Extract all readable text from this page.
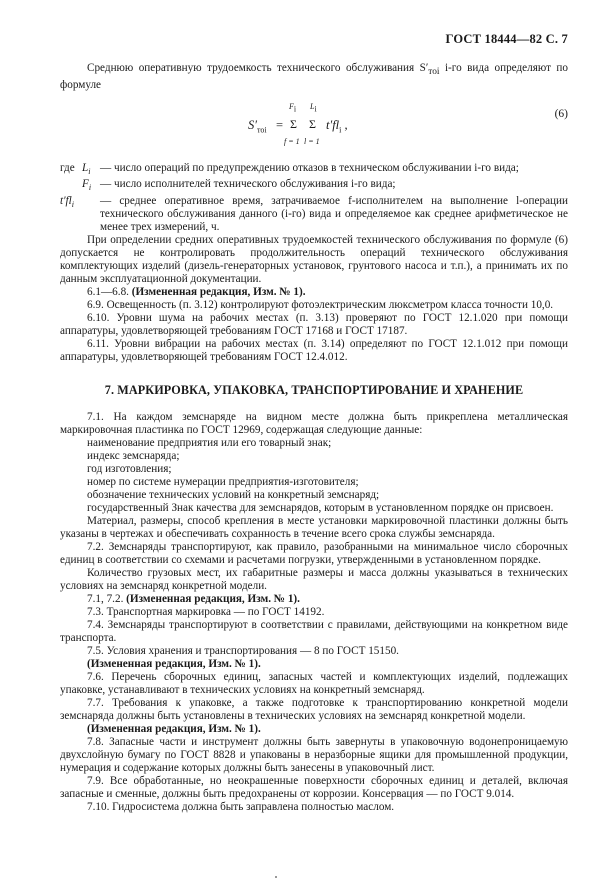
ГОСТ 18444—82 С. 7

Среднюю оперативную трудоемкость технического обслуживания $S'_{тоi}$ i-го вида определяют по формуле

$F_i$ $L_i$
$S'_{тоi} = \Sigma$ Σ $t'fl_i$ ,
f = 1 l = 1
(6)
где $L_i$ — число операций по предупреждению отказов в техническом обслуживании i-го вида;
$F_i$ — число исполнителей технического обслуживания i-го вида;
$t'fl_i$	— среднее оперативное время, затрачиваемое f-исполнителем на выполнение l-операции технического обслуживания данного (i-го) вида и определяемое как среднее арифметическое не менее трех измерений, ч.

При определении средних оперативных трудоемкостей технического обслуживания по формуле (6) допускается не контролировать продолжительность операций технического обслуживания комплектующих изделий (дизель-генераторных установок, грунтового насоса и т.п.), а принимать их по данным эксплуатационной документации.

6.1—6.8. (Измененная редакция, Изм. № 1).

6.9. Освещенность (п. 3.12) контролируют фотоэлектрическим люксметром класса точности 10,0.

6.10. Уровни шума на рабочих местах (п. 3.13) проверяют по ГОСТ 12.1.020 при помощи аппаратуры, удовлетворяющей требованиям ГОСТ 17168 и ГОСТ 17187.

6.11. Уровни вибрации на рабочих местах (п. 3.14) определяют по ГОСТ 12.1.012 при помощи аппаратуры, удовлетворяющей требованиям ГОСТ 12.4.012.

7. МАРКИРОВКА, УПАКОВКА, ТРАНСПОРТИРОВАНИЕ И ХРАНЕНИЕ

7.1. На каждом земснаряде на видном месте должна быть прикреплена металлическая маркировочная пластинка по ГОСТ 12969, содержащая следующие данные:

наименование предприятия или его товарный знак;

индекс земснаряда;

год изготовления;

номер по системе нумерации предприятия-изготовителя;

обозначение технических условий на конкретный земснаряд;

государственный Знак качества для земснарядов, которым в установленном порядке он присвоен.

Материал, размеры, способ крепления в месте установки маркировочной пластинки должны быть указаны в чертежах и обеспечивать сохранность в течение всего срока службы земснаряда.

7.2. Земснаряды транспортируют, как правило, разобранными на минимальное число сборочных единиц в соответствии со схемами и расчетами погрузки, утвержденными в установленном порядке.

Количество грузовых мест, их габаритные размеры и масса должны указываться в технических условиях на земснаряд конкретной модели.

7.1, 7.2. (Измененная редакция, Изм. № 1).

7.3. Транспортная маркировка — по ГОСТ 14192.

7.4. Земснаряды транспортируют в соответствии с правилами, действующими на конкретном виде транспорта.

7.5. Условия хранения и транспортирования — 8 по ГОСТ 15150.

(Измененная редакция, Изм. № 1).

7.6. Перечень сборочных единиц, запасных частей и комплектующих изделий, подлежащих упаковке, устанавливают в технических условиях на конкретный земснаряд.

7.7. Требования к упаковке, а также подготовке к транспортированию конкретной модели земснаряда должны быть установлены в технических условиях на земснаряд конкретной модели.

(Измененная редакция, Изм. № 1).

7.8. Запасные части и инструмент должны быть завернуты в упаковочную водонепроницаемую двухслойную бумагу по ГОСТ 8828 и упакованы в неразборные ящики для промышленной продукции, нумерация и содержание которых должны быть занесены в упаковочный лист.

7.9. Все обработанные, но неокрашенные поверхности сборочных единиц и деталей, включая запасные и сменные, должны быть предохранены от коррозии. Консервация — по ГОСТ 9.014.

7.10. Гидросистема должна быть заправлена полностью маслом.
